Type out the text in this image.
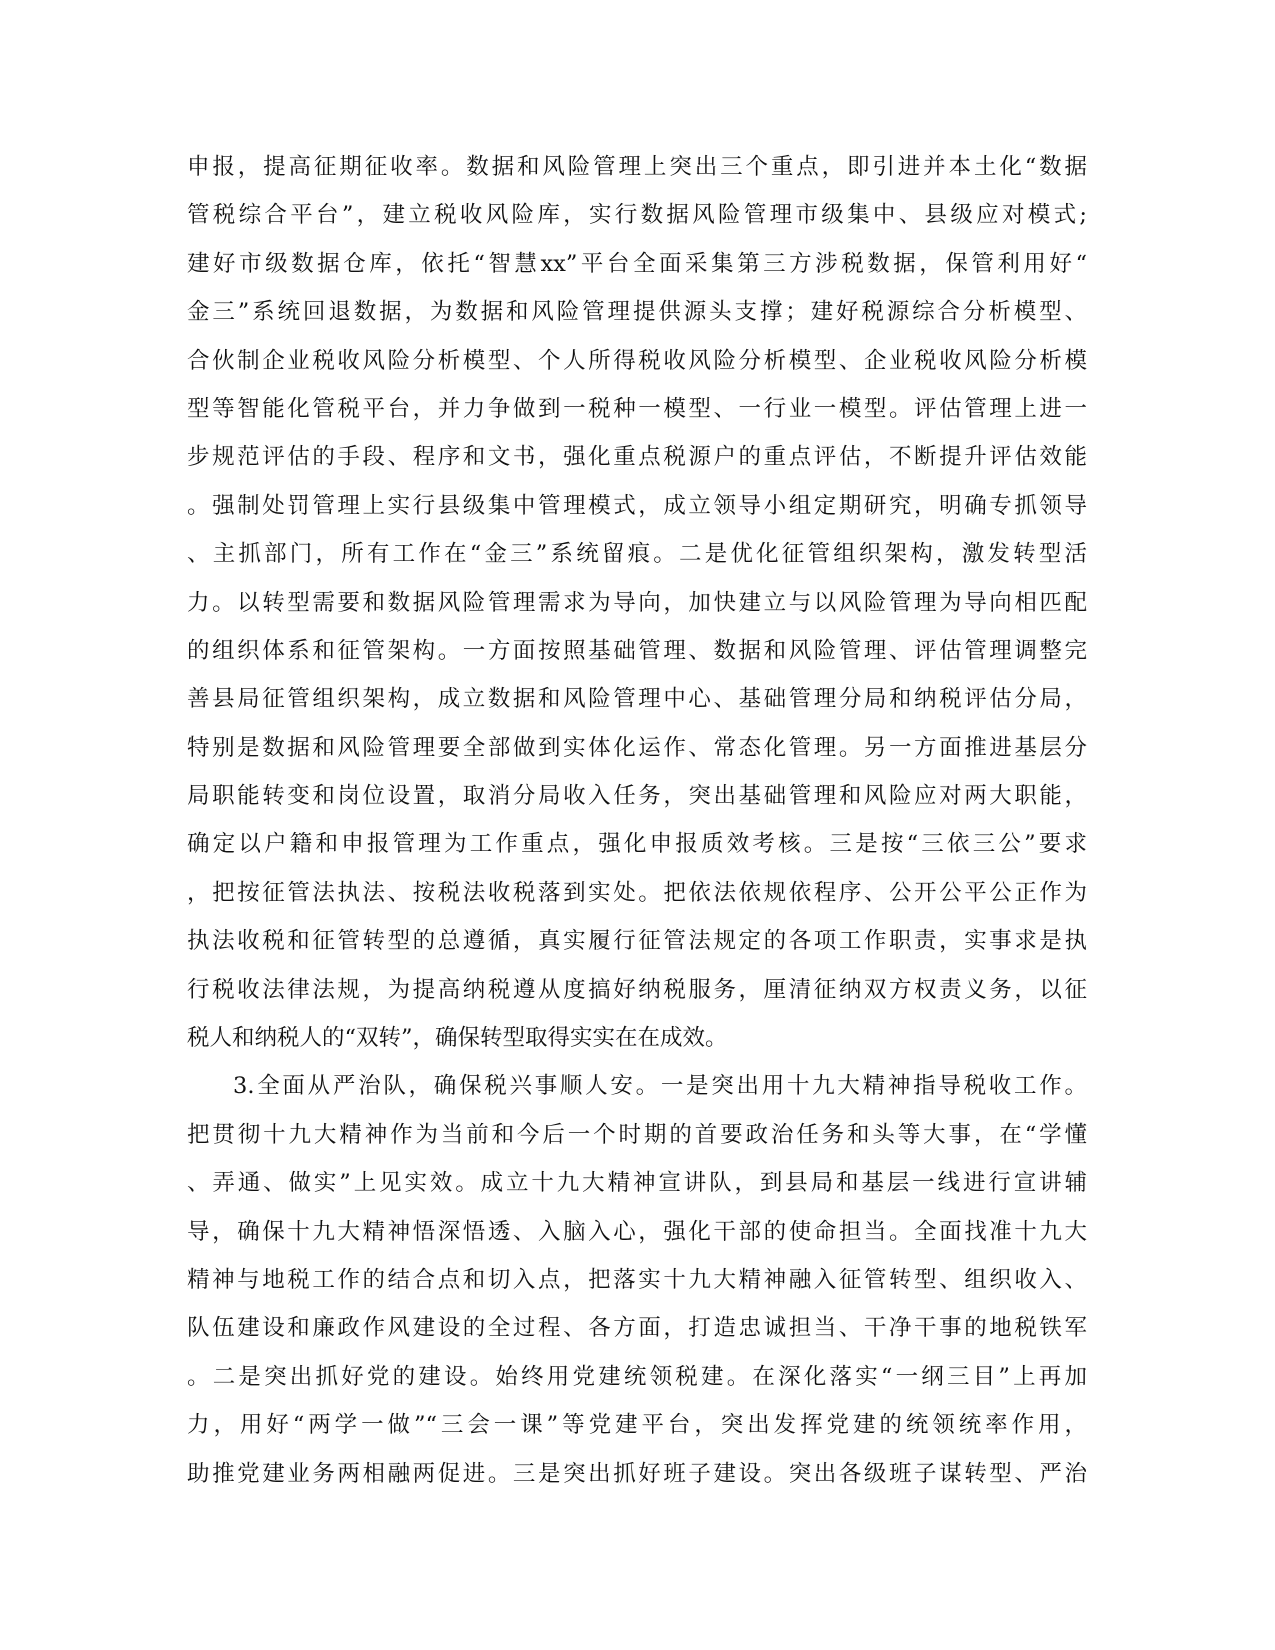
申报，提高征期征收率。数据和风险管理上突出三个重点，即引进并本土化“数据
管税综合平台”，建立税收风险库，实行数据风险管理市级集中、县级应对模式;
建好市级数据仓库，依托“智慧xx”平台全面采集第三方涉税数据，保管利用好“
金三”系统回退数据，为数据和风险管理提供源头支撑；建好税源综合分析模型、
合伙制企业税收风险分析模型、个人所得税收风险分析模型、企业税收风险分析模
型等智能化管税平台，并力争做到一税种一模型、一行业一模型。评估管理上进一
步规范评估的手段、程序和文书，强化重点税源户的重点评估，不断提升评估效能
。强制处罚管理上实行县级集中管理模式，成立领导小组定期研究，明确专抓领导
、主抓部门，所有工作在“金三”系统留痕。二是优化征管组织架构，激发转型活
力。以转型需要和数据风险管理需求为导向，加快建立与以风险管理为导向相匹配
的组织体系和征管架构。一方面按照基础管理、数据和风险管理、评估管理调整完
善县局征管组织架构，成立数据和风险管理中心、基础管理分局和纳税评估分局，
特别是数据和风险管理要全部做到实体化运作、常态化管理。另一方面推进基层分
局职能转变和岗位设置，取消分局收入任务，突出基础管理和风险应对两大职能，
确定以户籍和申报管理为工作重点，强化申报质效考核。三是按“三依三公”要求
，把按征管法执法、按税法收税落到实处。把依法依规依程序、公开公平公正作为
执法收税和征管转型的总遵循，真实履行征管法规定的各项工作职责，实事求是执
行税收法律法规，为提高纳税遵从度搞好纳税服务，厘清征纳双方权责义务，以征
税人和纳税人的“双转”，确保转型取得实实在在成效。
3.全面从严治队，确保税兴事顺人安。一是突出用十九大精神指导税收工作。
把贯彻十九大精神作为当前和今后一个时期的首要政治任务和头等大事，在“学懂
、弄通、做实”上见实效。成立十九大精神宣讲队，到县局和基层一线进行宣讲辅
导，确保十九大精神悟深悟透、入脑入心，强化干部的使命担当。全面找准十九大
精神与地税工作的结合点和切入点，把落实十九大精神融入征管转型、组织收入、
队伍建设和廉政作风建设的全过程、各方面，打造忠诚担当、干净干事的地税铁军
。二是突出抓好党的建设。始终用党建统领税建。在深化落实“一纲三目”上再加
力，用好“两学一做”“三会一课”等党建平台，突出发挥党建的统领统率作用，
助推党建业务两相融两促进。三是突出抓好班子建设。突出各级班子谋转型、严治
